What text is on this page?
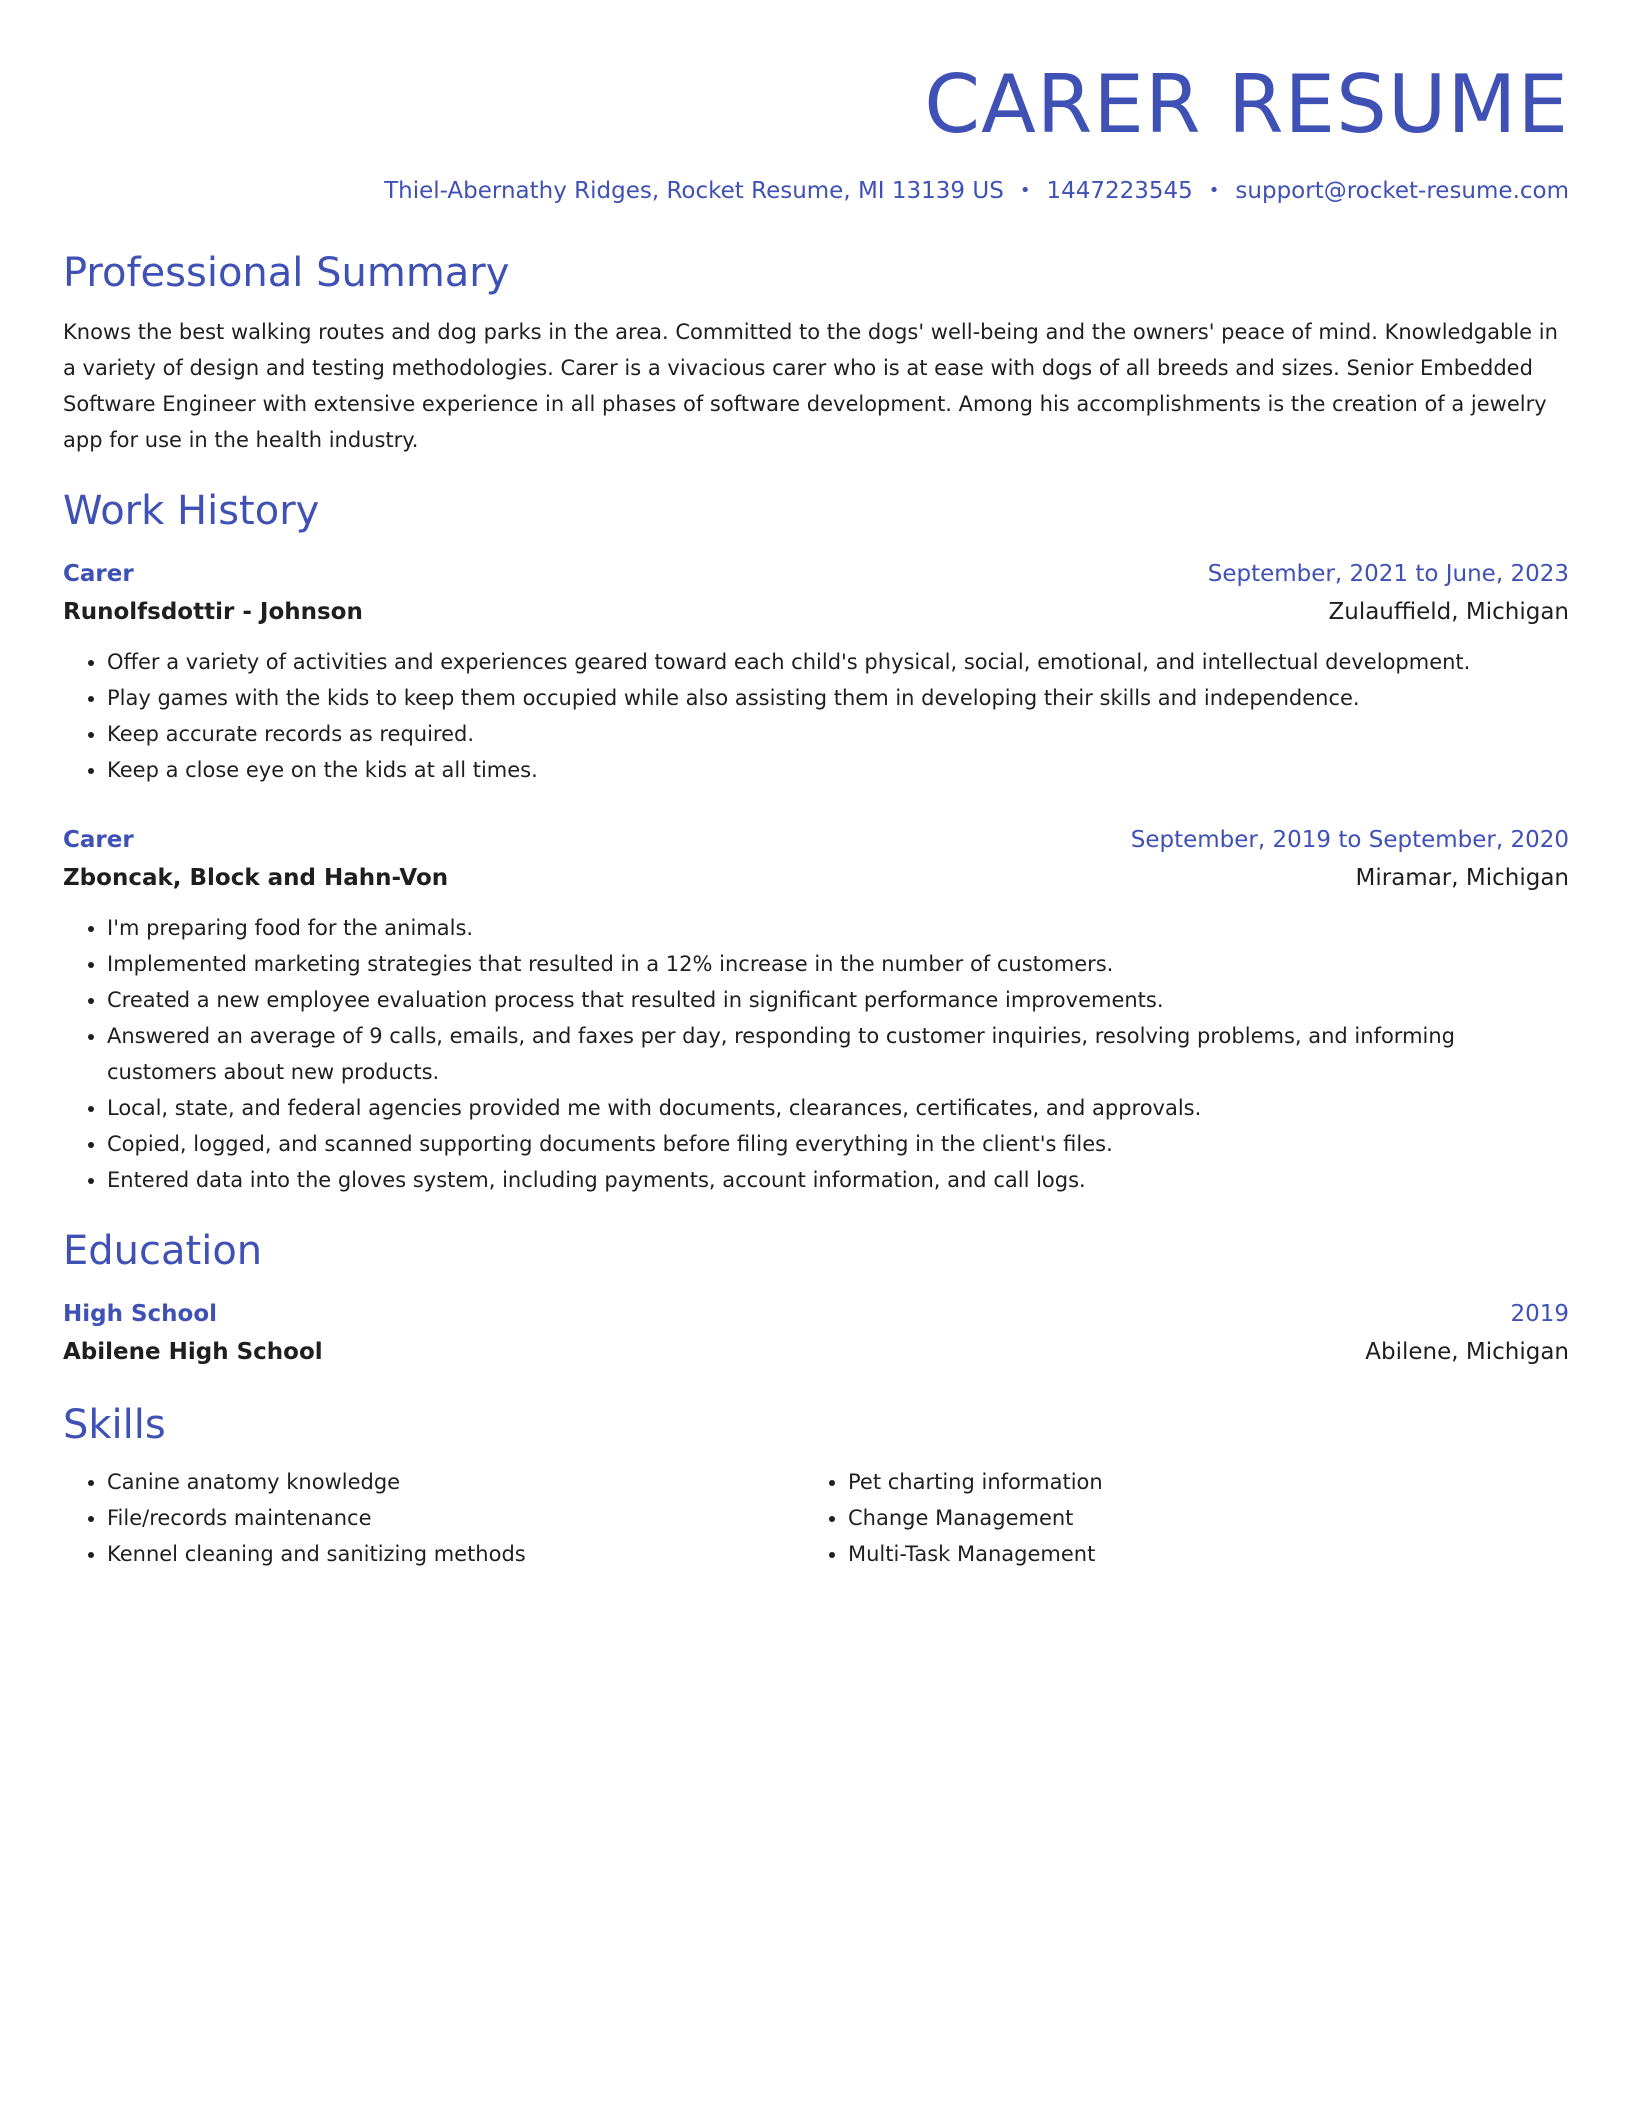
CARER RESUME
Thiel-Abernathy Ridges, Rocket Resume, MI 13139 US • 1447223545 • support@rocket-resume.com
Professional Summary
Knows the best walking routes and dog parks in the area. Committed to the dogs' well-being and the owners' peace of mind. Knowledgable in a variety of design and testing methodologies. Carer is a vivacious carer who is at ease with dogs of all breeds and sizes. Senior Embedded Software Engineer with extensive experience in all phases of software development. Among his accomplishments is the creation of a jewelry app for use in the health industry.
Work History
Carer	September, 2021 to June, 2023
Runolfsdottir - Johnson	Zulauffield, Michigan
• Offer a variety of activities and experiences geared toward each child's physical, social, emotional, and intellectual development.
• Play games with the kids to keep them occupied while also assisting them in developing their skills and independence.
• Keep accurate records as required.
• Keep a close eye on the kids at all times.
Carer	September, 2019 to September, 2020
Zboncak, Block and Hahn-Von	Miramar, Michigan
• I'm preparing food for the animals.
• Implemented marketing strategies that resulted in a 12% increase in the number of customers.
• Created a new employee evaluation process that resulted in significant performance improvements.
• Answered an average of 9 calls, emails, and faxes per day, responding to customer inquiries, resolving problems, and informing customers about new products.
• Local, state, and federal agencies provided me with documents, clearances, certificates, and approvals.
• Copied, logged, and scanned supporting documents before filing everything in the client's files.
• Entered data into the gloves system, including payments, account information, and call logs.
Education
High School	2019
Abilene High School	Abilene, Michigan
Skills
• Canine anatomy knowledge
• File/records maintenance
• Kennel cleaning and sanitizing methods
• Pet charting information
• Change Management
• Multi-Task Management
